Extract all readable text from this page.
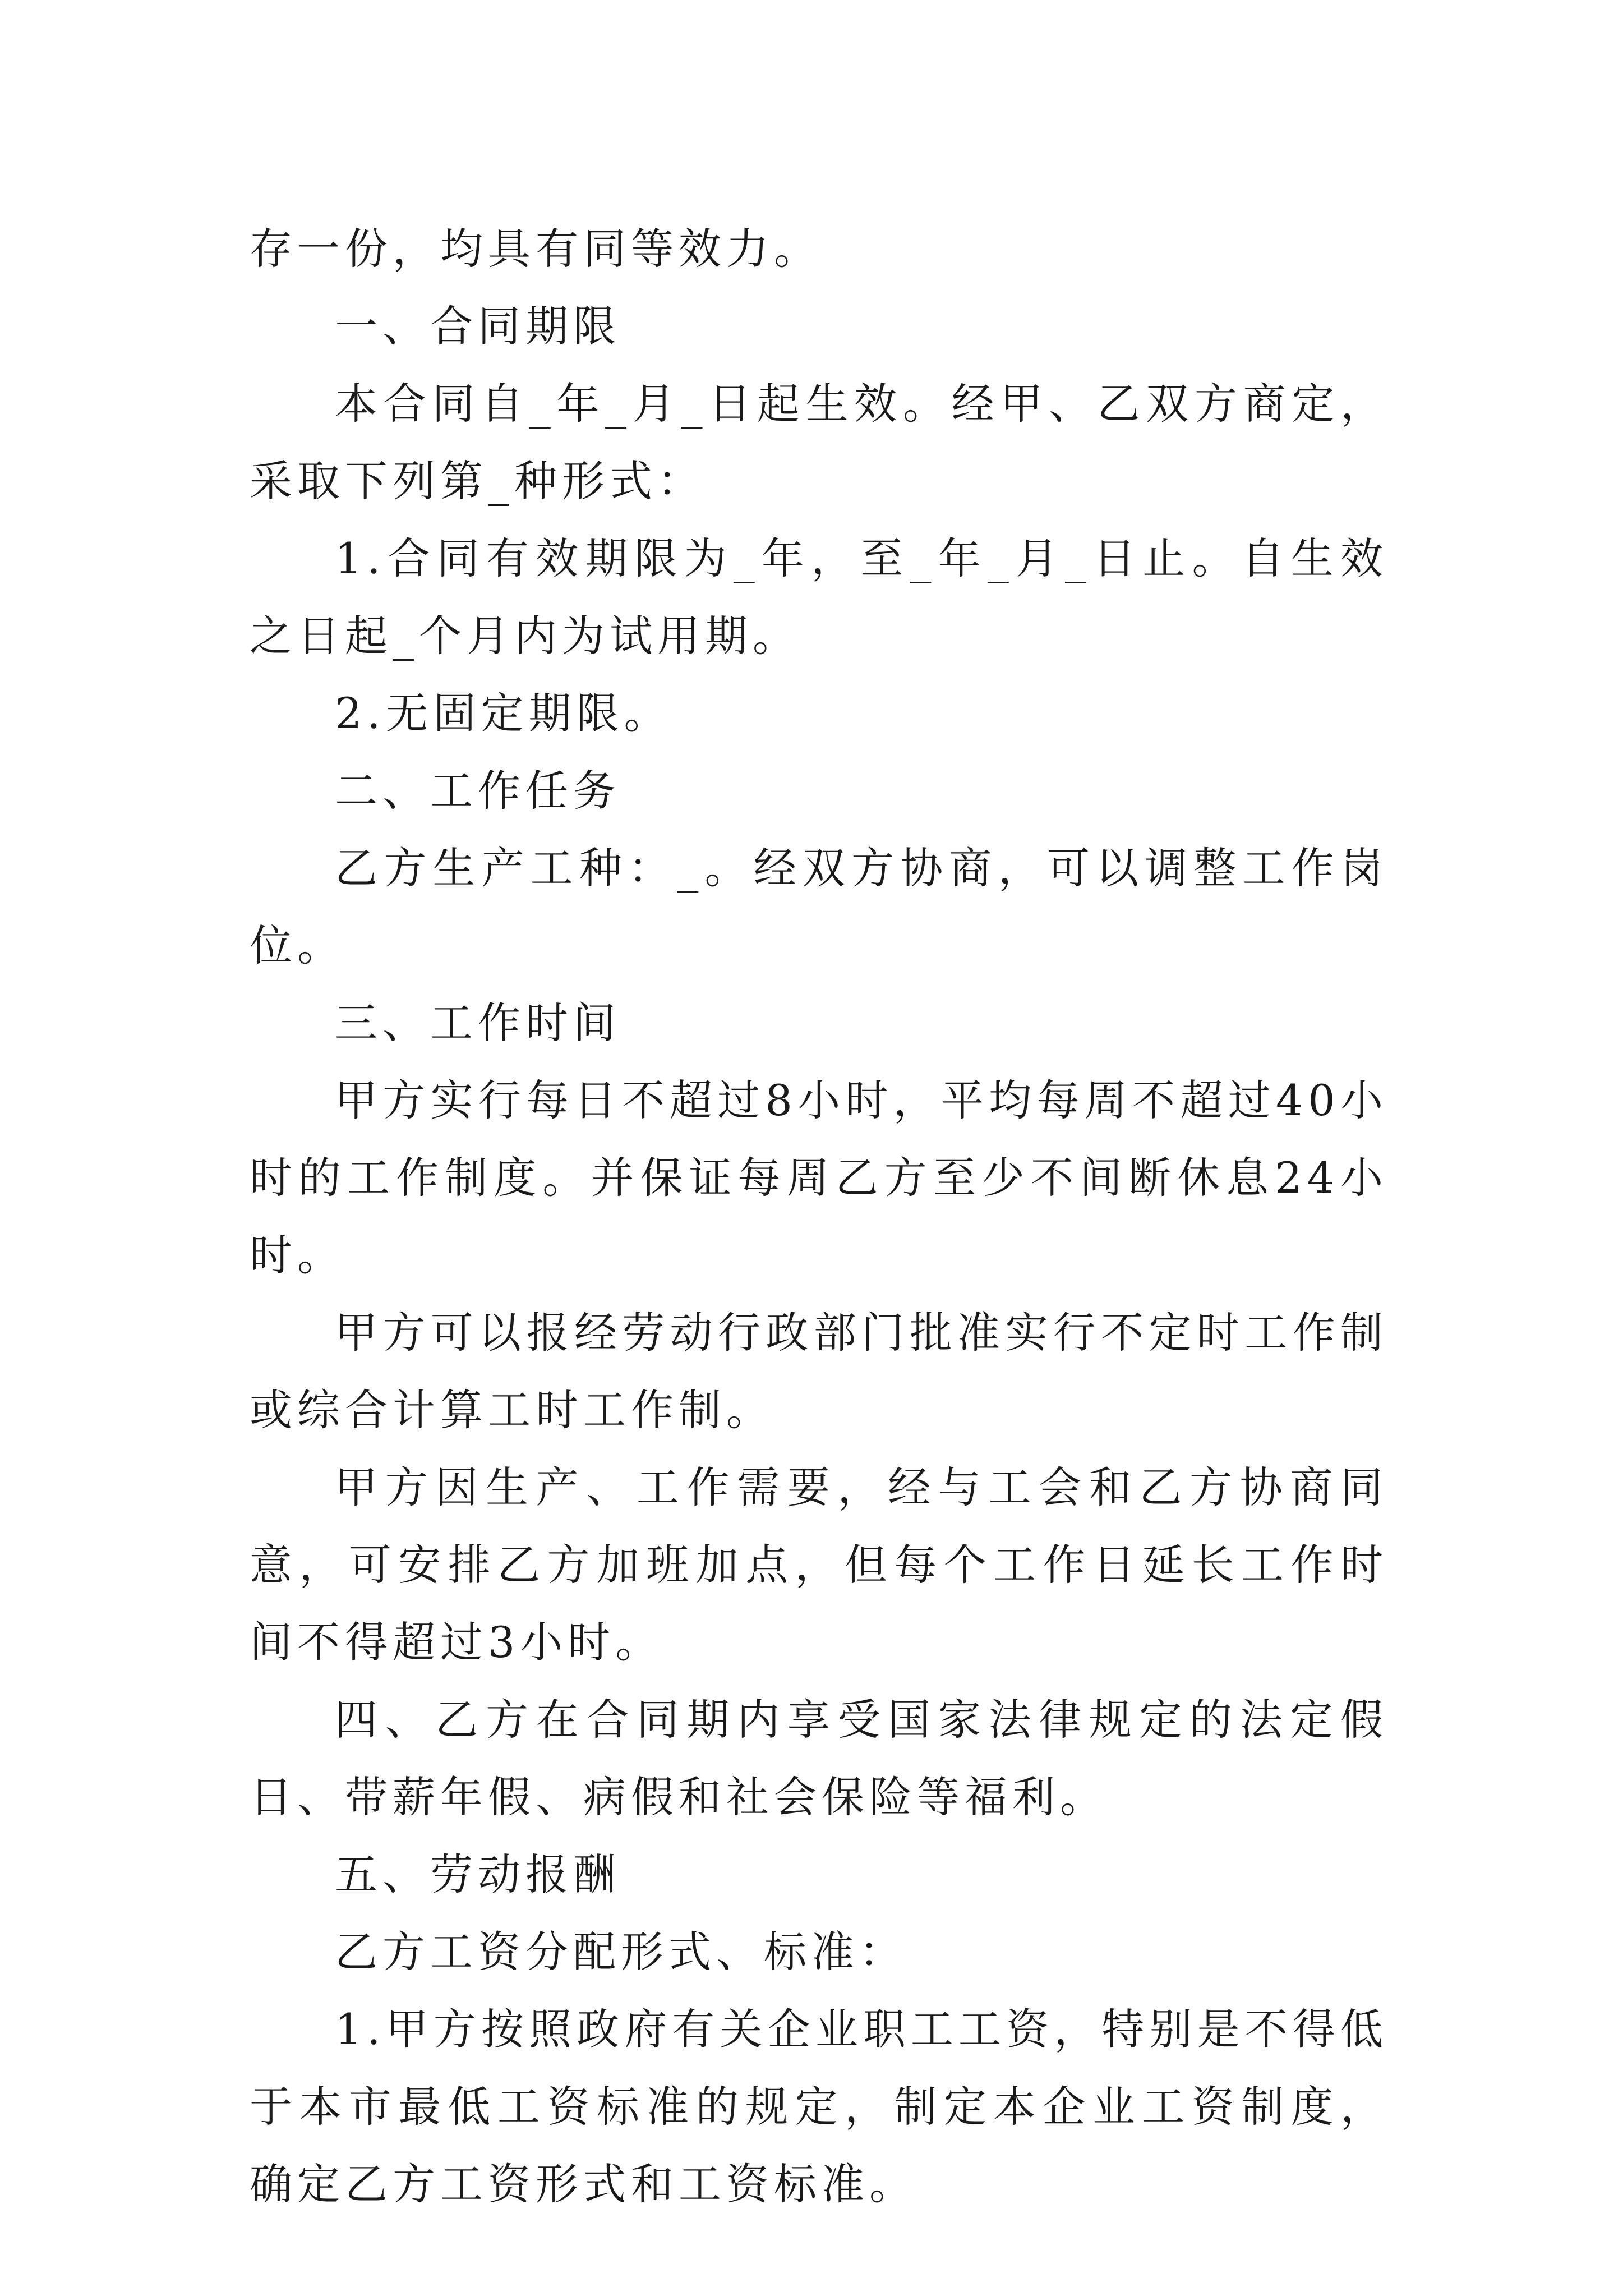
存一份，均具有同等效力。

一、合同期限

本合同自_年_月_日起生效。经甲、乙双方商定，采取下列第_种形式：

1.合同有效期限为_年，至_年_月_日止。自生效之日起_个月内为试用期。

2.无固定期限。

二、工作任务

乙方生产工种：_。经双方协商，可以调整工作岗位。

三、工作时间

甲方实行每日不超过8小时，平均每周不超过40小时的工作制度。并保证每周乙方至少不间断休息24小时。

甲方可以报经劳动行政部门批准实行不定时工作制或综合计算工时工作制。

甲方因生产、工作需要，经与工会和乙方协商同意，可安排乙方加班加点，但每个工作日延长工作时间不得超过3小时。

四、乙方在合同期内享受国家法律规定的法定假日、带薪年假、病假和社会保险等福利。

五、劳动报酬

乙方工资分配形式、标准：

1.甲方按照政府有关企业职工工资，特别是不得低于本市最低工资标准的规定，制定本企业工资制度，确定乙方工资形式和工资标准。
